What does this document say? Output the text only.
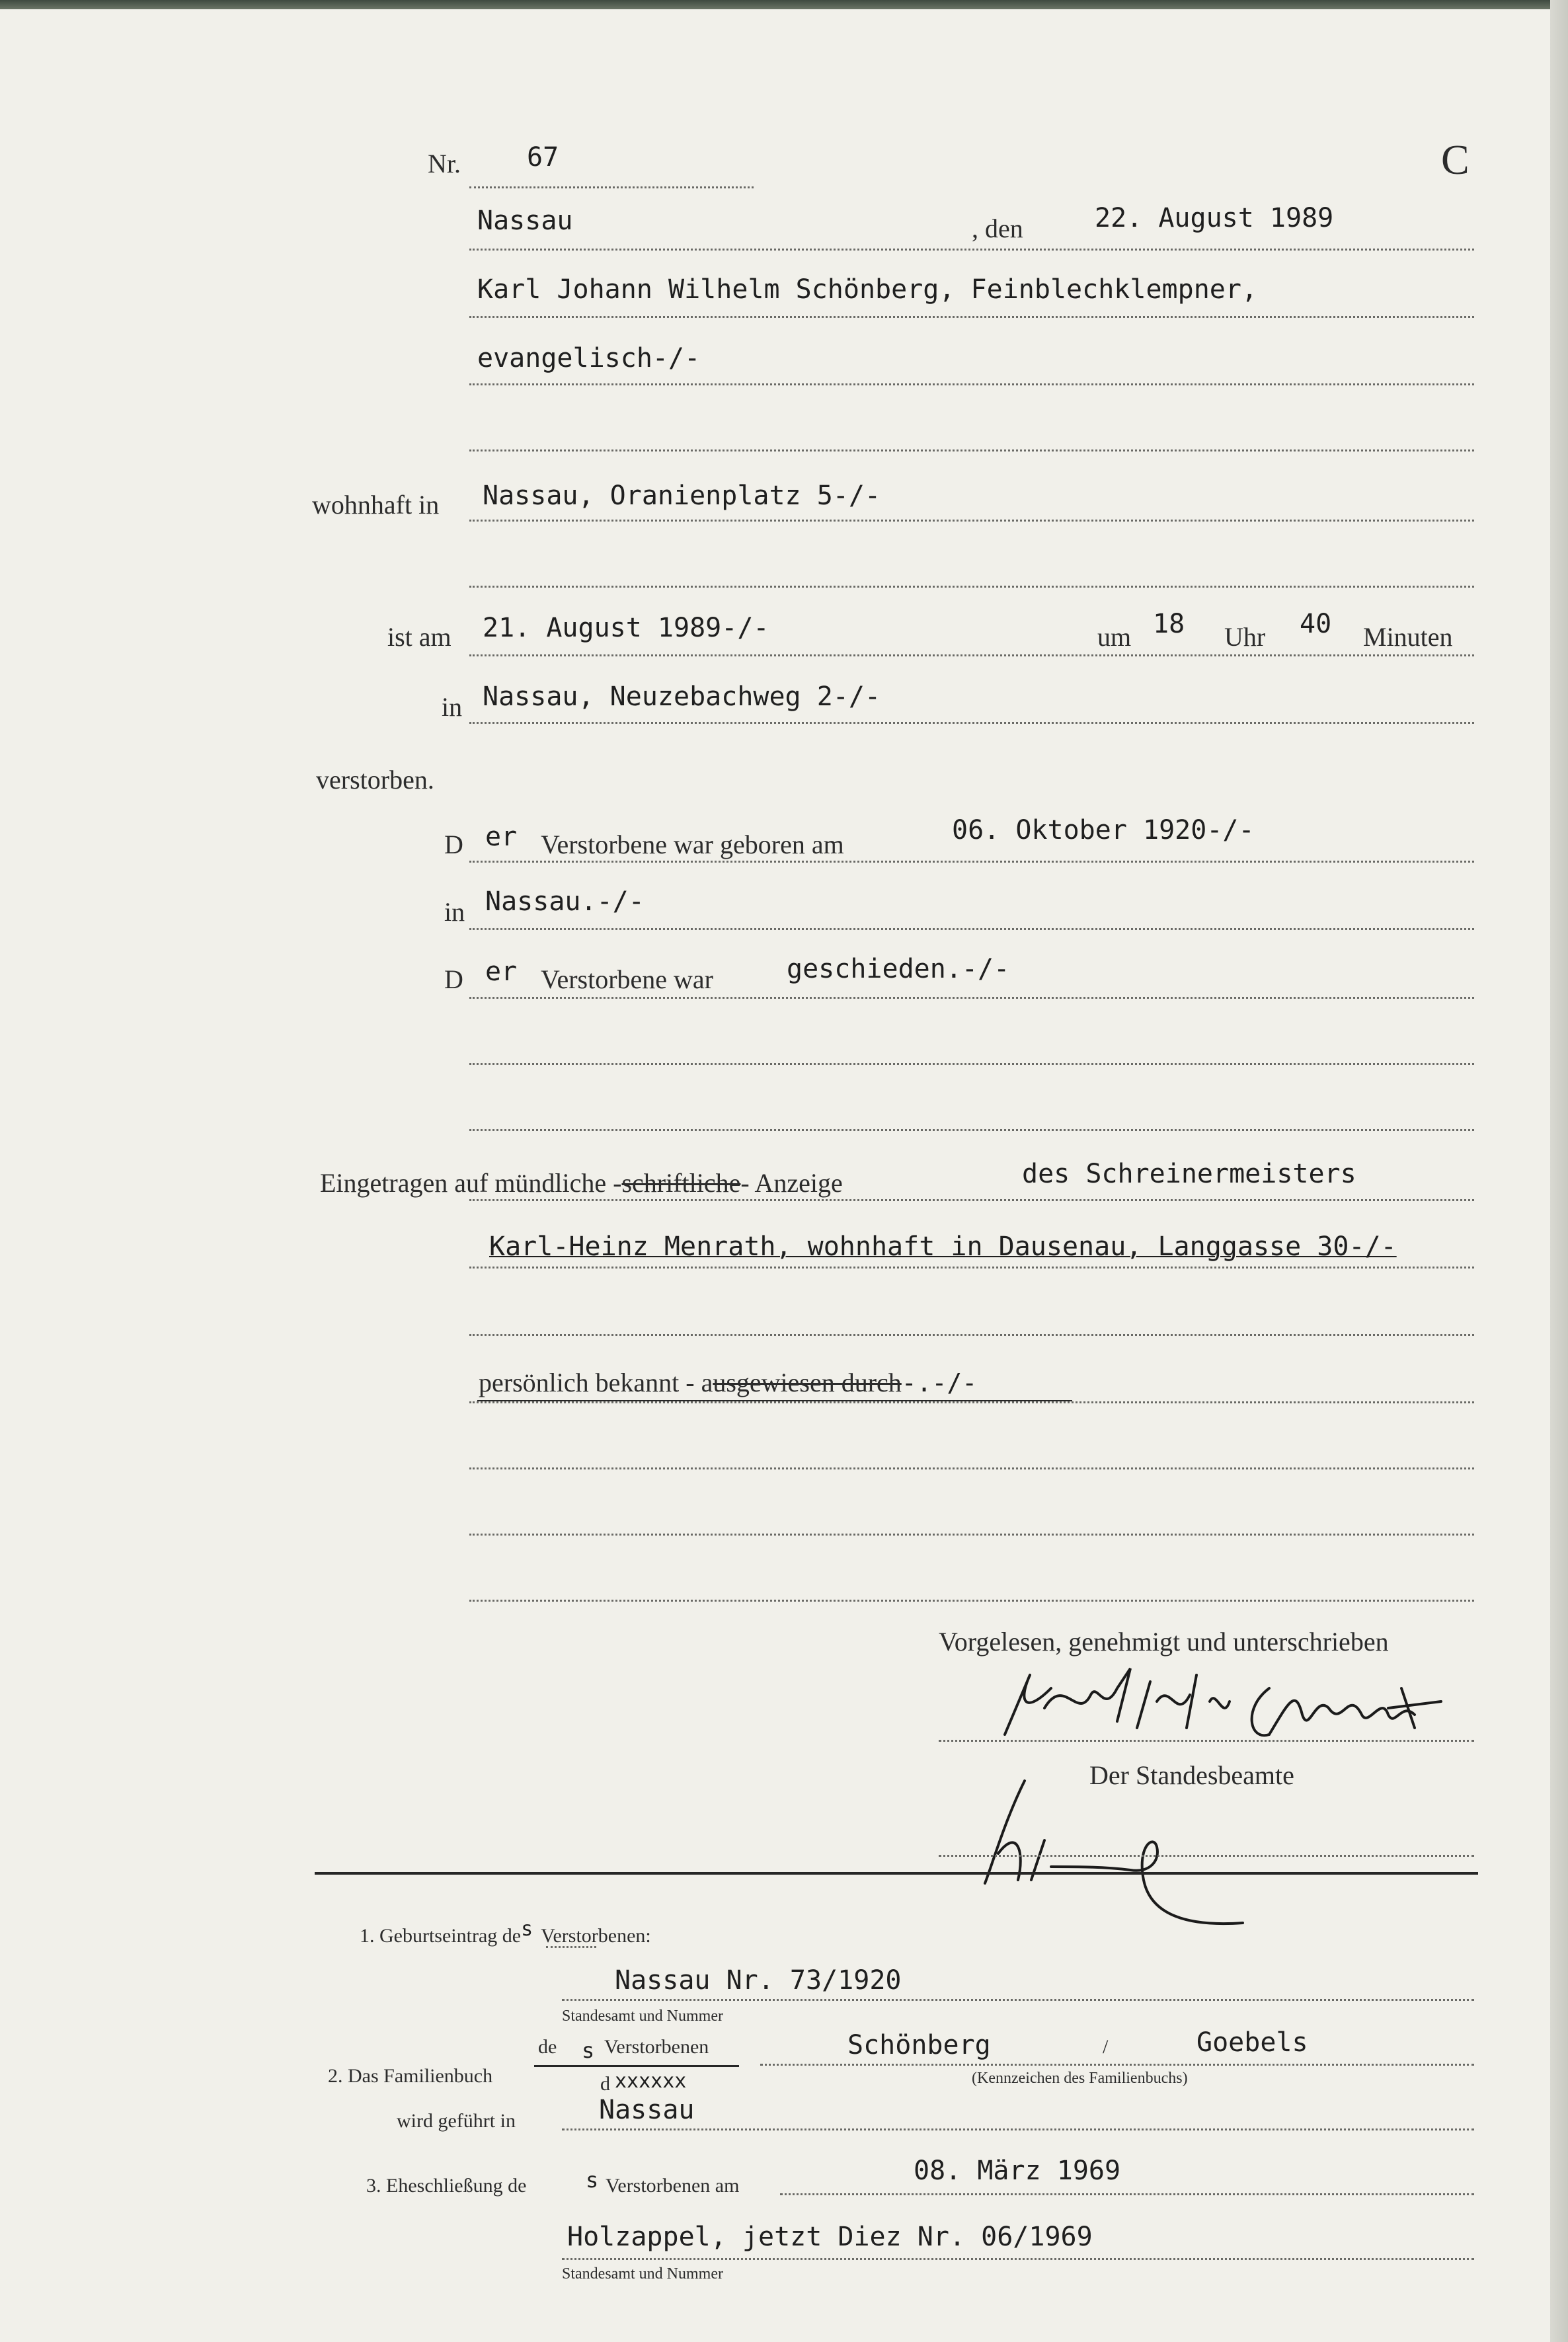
Nr.	67	C
Nassau	, den	22. August 1989
Karl Johann Wilhelm Schönberg, Feinblechklempner,
evangelisch-/-
wohnhaft in Nassau, Oranienplatz 5-/-
ist am 21. August 1989-/-	um 18 Uhr 40 Minuten
in Nassau, Neuzebachweg 2-/-
verstorben.
D er Verstorbene war geboren am	06. Oktober 1920-/-
in Nassau.-/-
D er Verstorbene war	geschieden.-/-
Eingetragen auf mündliche -schriftliche- Anzeige	des Schreinermeisters
Karl-Heinz Menrath, wohnhaft in Dausenau, Langgasse 30-/-
persönlich bekannt - ausgewiesen durch-.-/-
Vorgelesen, genehmigt und unterschrieben
Der Standesbeamte
1. Geburtseintrag des Verstorbenen:
Nassau Nr. 73/1920
Standesamt und Nummer
de s Verstorbenen
2. Das Familienbuch	d xxxxxx
Schönberg	/	Goebels
(Kennzeichen des Familienbuchs)
wird geführt in	Nassau
3. Eheschließung de	s Verstorbenen am	08. März 1969
Holzappel, jetzt Diez Nr. 06/1969
Standesamt und Nummer
